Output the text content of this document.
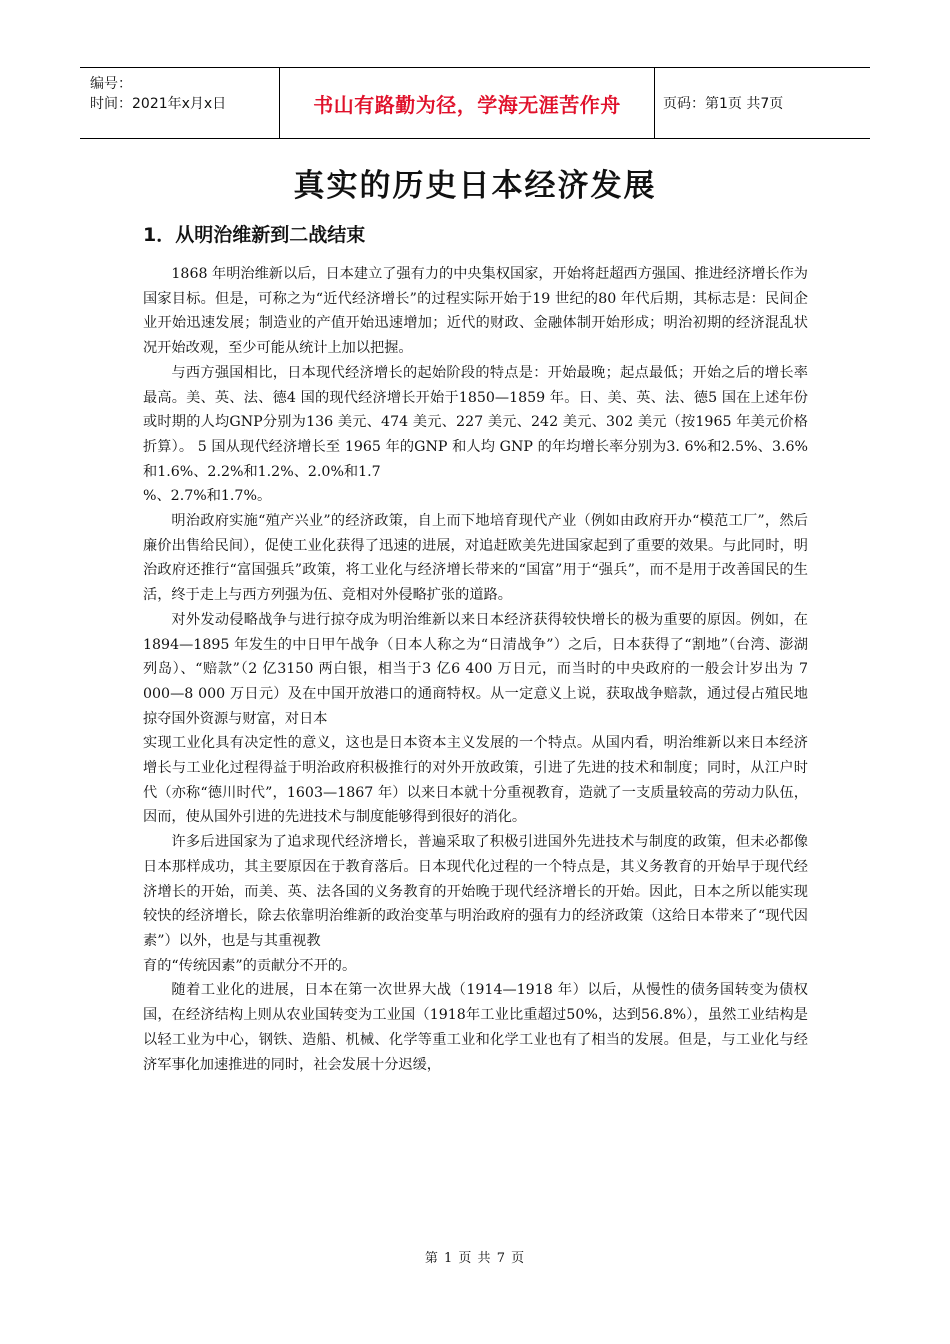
编号：
时间：2021年x月x日	书山有路勤为径，学海无涯苦作舟	页码：第1页 共7页
真实的历史日本经济发展
1．从明治维新到二战结束

1868 年明治维新以后，日本建立了强有力的中央集权国家，开始将赶超西方强国、推进经济增长作为国家目标。但是，可称之为“近代经济增长”的过程实际开始于19 世纪的80 年代后期，其标志是：民间企业开始迅速发展；制造业的产值开始迅速增加；近代的财政、金融体制开始形成；明治初期的经济混乱状况开始改观，至少可能从统计上加以把握。

与西方强国相比，日本现代经济增长的起始阶段的特点是：开始最晚；起点最低；开始之后的增长率最高。美、英、法、德4 国的现代经济增长开始于1850—1859 年。日、美、英、法、德5 国在上述年份或时期的人均GNP分别为136 美元、474 美元、227 美元、242 美元、302 美元（按1965 年美元价格折算）。 5 国从现代经济增长至 1965 年的GNP 和人均 GNP 的年均增长率分别为3. 6%和2.5%、3.6%和1.6%、2.2%和1.2%、2.0%和1.7

%、2.7%和1.7%。

明治政府实施“殖产兴业”的经济政策，自上而下地培育现代产业（例如由政府开办“模范工厂”，然后廉价出售给民间），促使工业化获得了迅速的进展，对追赶欧美先进国家起到了重要的效果。与此同时，明治政府还推行“富国强兵”政策，将工业化与经济增长带来的“国富”用于“强兵”，而不是用于改善国民的生活，终于走上与西方列强为伍、竞相对外侵略扩张的道路。

对外发动侵略战争与进行掠夺成为明治维新以来日本经济获得较快增长的极为重要的原因。例如，在1894—1895 年发生的中日甲午战争（日本人称之为“日清战争”）之后，日本获得了“割地”（台湾、澎湖列岛）、“赔款”（2 亿3150 两白银，相当于3 亿6 400 万日元，而当时的中央政府的一般会计岁出为 7 000—8 000 万日元）及在中国开放港口的通商特权。从一定意义上说，获取战争赔款，通过侵占殖民地掠夺国外资源与财富，对日本

实现工业化具有决定性的意义，这也是日本资本主义发展的一个特点。从国内看，明治维新以来日本经济增长与工业化过程得益于明治政府积极推行的对外开放政策，引进了先进的技术和制度；同时，从江户时代（亦称“德川时代”，1603—1867 年）以来日本就十分重视教育，造就了一支质量较高的劳动力队伍，因而，使从国外引进的先进技术与制度能够得到很好的消化。

许多后进国家为了追求现代经济增长，普遍采取了积极引进国外先进技术与制度的政策，但未必都像日本那样成功，其主要原因在于教育落后。日本现代化过程的一个特点是，其义务教育的开始早于现代经济增长的开始，而美、英、法各国的义务教育的开始晚于现代经济增长的开始。因此，日本之所以能实现较快的经济增长，除去依靠明治维新的政治变革与明治政府的强有力的经济政策（这给日本带来了“现代因素”）以外，也是与其重视教

育的“传统因素”的贡献分不开的。

随着工业化的进展，日本在第一次世界大战（1914—1918 年）以后，从慢性的债务国转变为债权国，在经济结构上则从农业国转变为工业国（1918年工业比重超过50%，达到56.8%），虽然工业结构是以轻工业为中心，钢铁、造船、机械、化学等重工业和化学工业也有了相当的发展。但是，与工业化与经济军事化加速推进的同时，社会发展十分迟缓，

第 1 页 共 7 页
